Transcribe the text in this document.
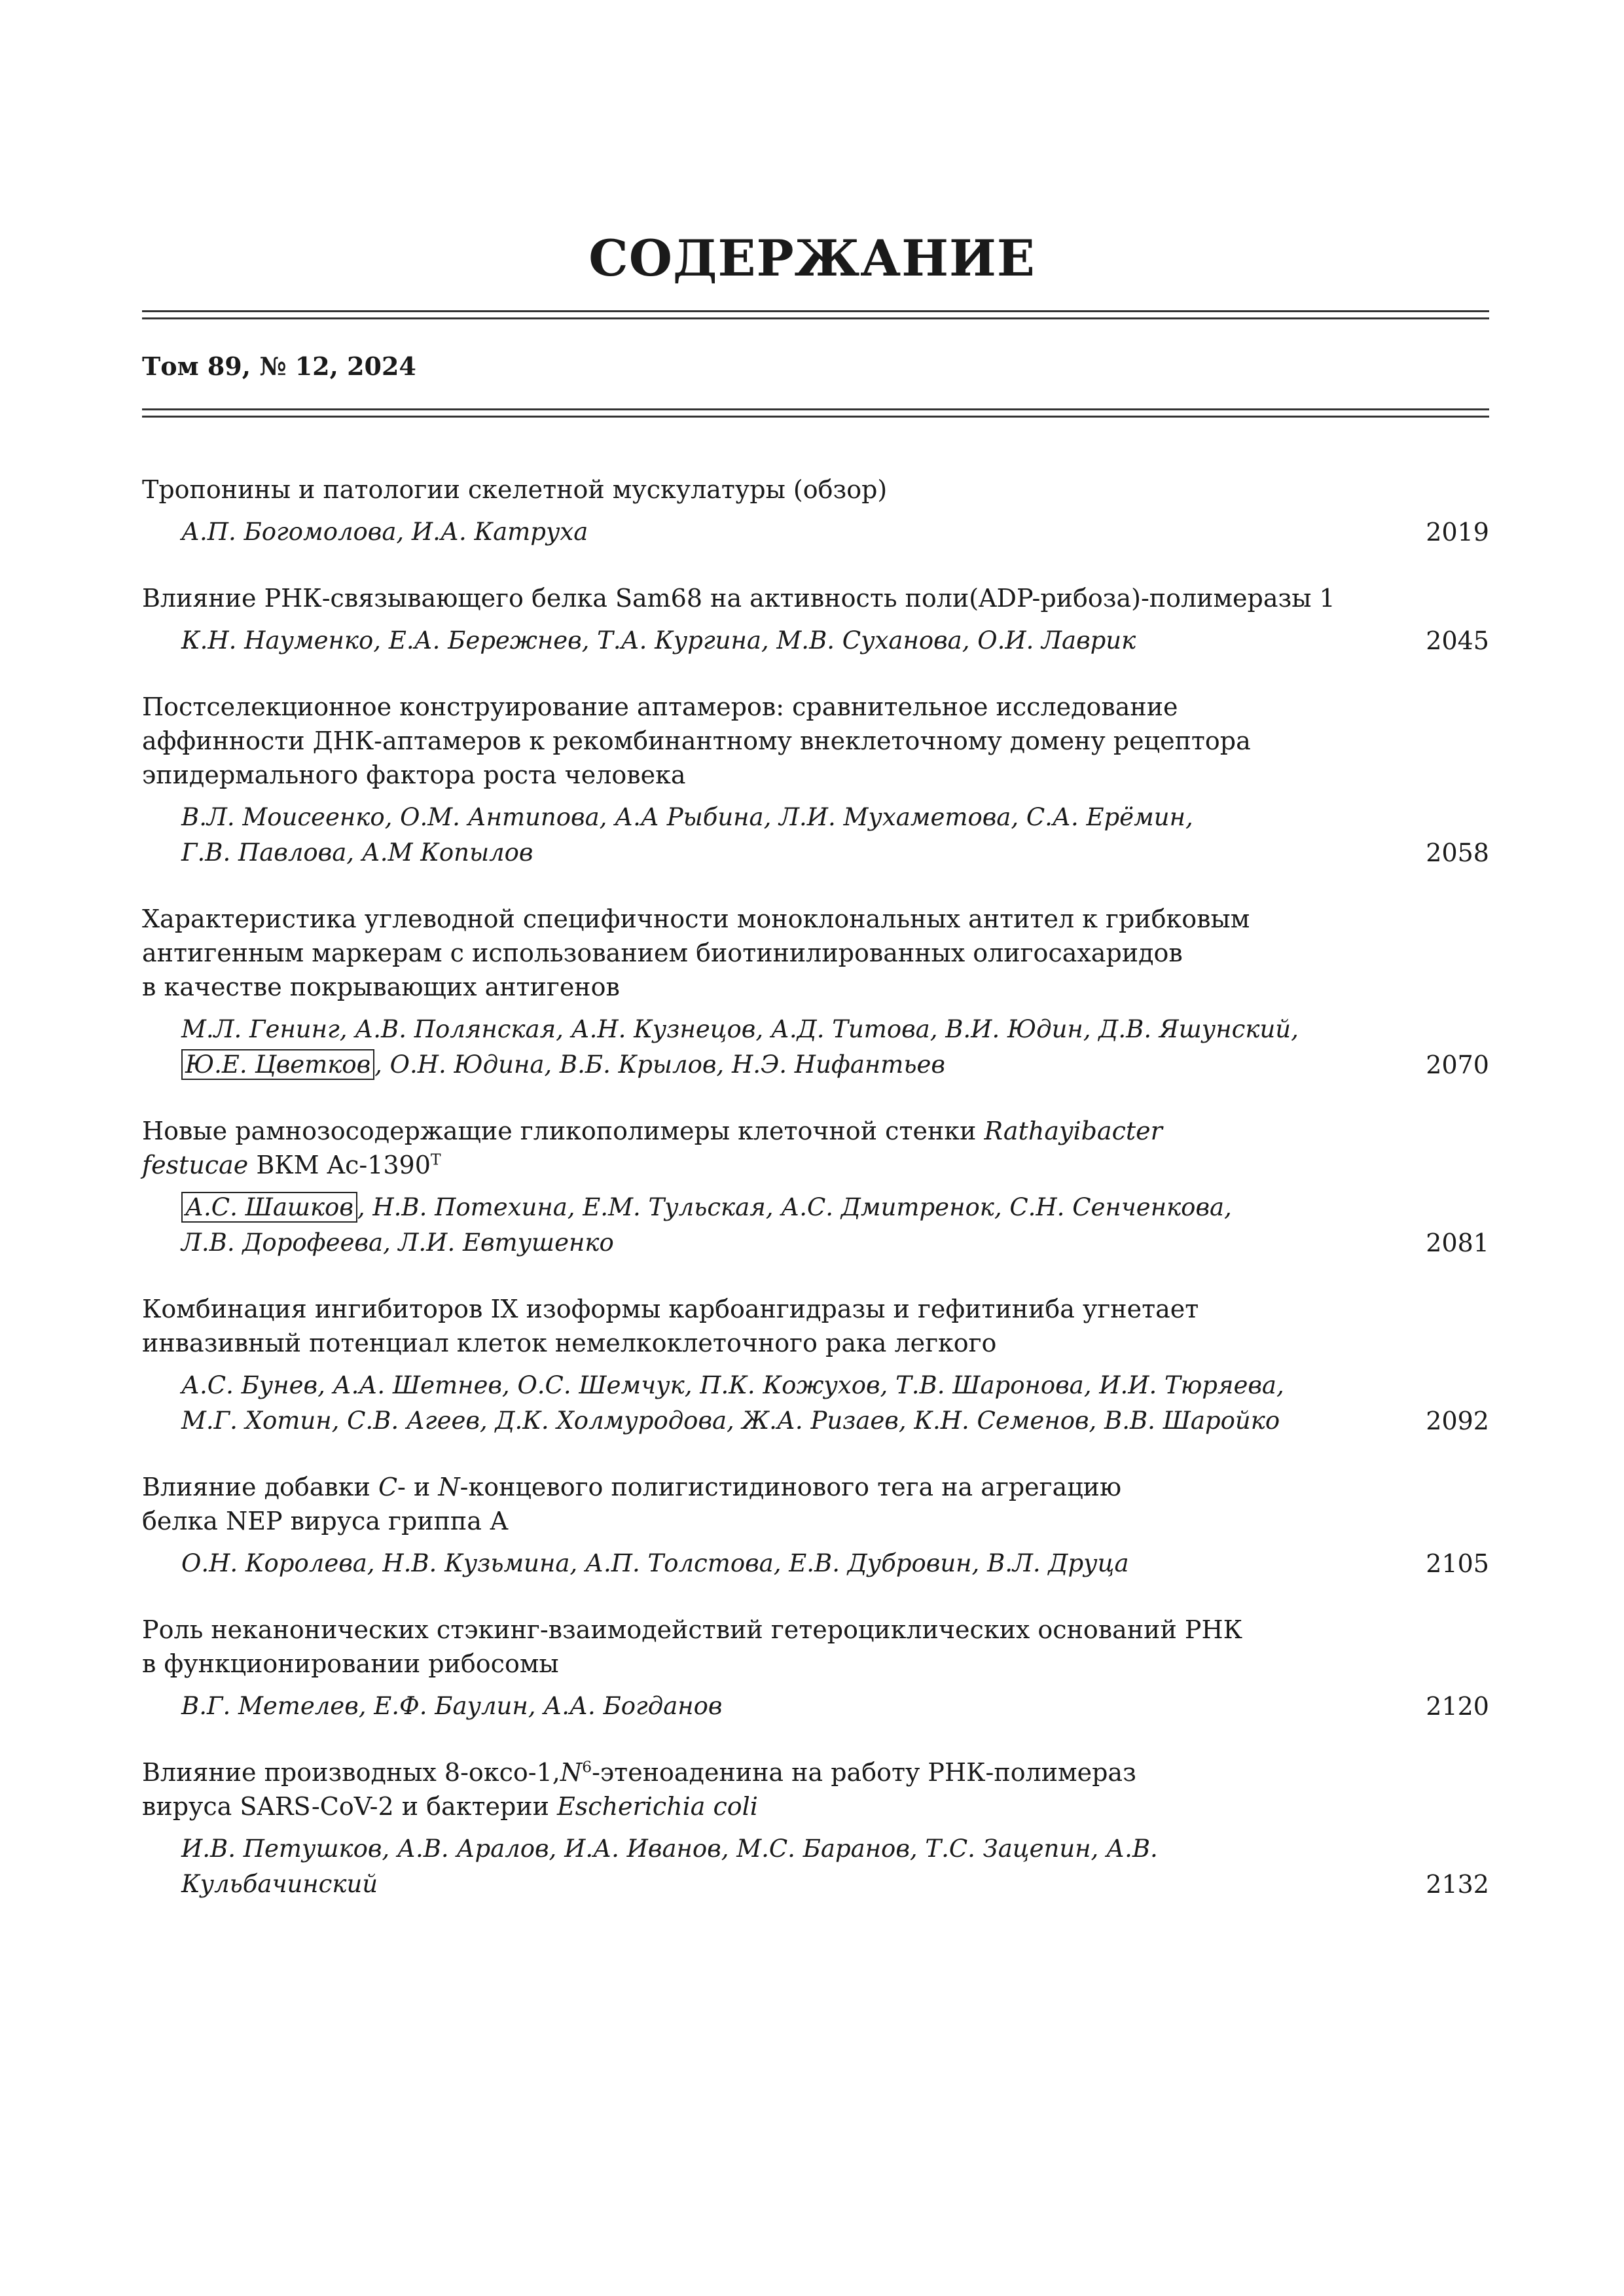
СОДЕРЖАНИЕ
Том 89, № 12, 2024
Тропонины и патологии скелетной мускулатуры (обзор)
А.П. Богомолова, И.А. Катруха	2019
Влияние РНК-связывающего белка Sam68 на активность поли(ADP-рибоза)-полимеразы 1
К.Н. Науменко, Е.А. Бережнев, Т.А. Кургина, М.В. Суханова, О.И. Лаврик	2045
Постселекционное конструирование аптамеров: сравнительное исследование
аффинности ДНК-аптамеров к рекомбинантному внеклеточному домену рецептора
эпидермального фактора роста человека
В.Л. Моисеенко, О.М. Антипова, А.А Рыбина, Л.И. Мухаметова, С.А. Ерёмин,
Г.В. Павлова, А.М Копылов	2058
Характеристика углеводной специфичности моноклональных антител к грибковым
антигенным маркерам с использованием биотинилированных олигосахаридов
в качестве покрывающих антигенов
М.Л. Генинг, А.В. Полянская, А.Н. Кузнецов, А.Д. Титова, В.И. Юдин, Д.В. Яшунский,
Ю.Е. Цветков , О.Н. Юдина, В.Б. Крылов, Н.Э. Нифантьев	2070
Новые рамнозосодержащие гликополимеры клеточной стенки Rathayibacter
festucae ВКМ $Ac-1390^T$
А.С. Шашков , Н.В. Потехина, Е.М. Тульская, А.С. Дмитренок, С.Н. Сенченкова,
Л.В. Дорофеева, Л.И. Евтушенко	2081
Комбинация ингибиторов IX изоформы карбоангидразы и гефитиниба угнетает
инвазивный потенциал клеток немелкоклеточного рака легкого
А.С. Бунев, А.А. Шетнев, О.С. Шемчук, П.К. Кожухов, Т.В. Шаронова, И.И. Тюряева,
М.Г. Хотин, С.В. Агеев, Д.К. Холмуродова, Ж.А. Ризаев, К.Н. Семенов, В.В. Шаройко	2092
Влияние добавки C- и N-концевого полигистидинового тега на агрегацию
белка NEP вируса гриппа А
О.Н. Королева, Н.В. Кузьмина, А.П. Толстова, Е.В. Дубровин, В.Л. Друца	2105
Роль неканонических стэкинг-взаимодействий гетероциклических оснований РНК
в функционировании рибосомы
В.Г. Метелев, Е.Ф. Баулин, А.А. Богданов	2120
Влияние производных $8-оксо-1,N^6$-этеноаденина на работу РНК-полимераз
вируса SARS-CoV-2 и бактерии Escherichia coli
И.В. Петушков, А.В. Аралов, И.А. Иванов, М.С. Баранов, Т.С. Зацепин, А.В. Кульбачинский	2132
